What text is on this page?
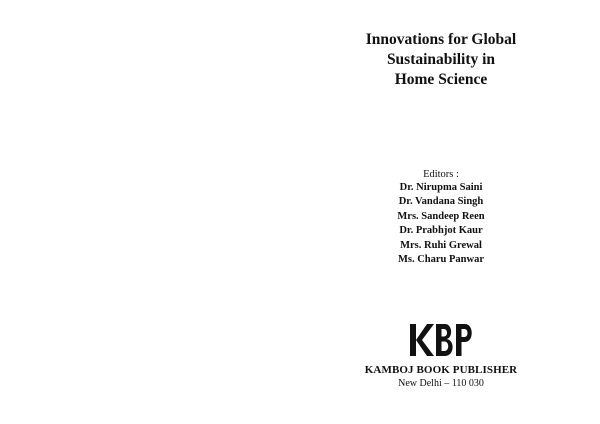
Innovations for Global
Sustainability in
Home Science
Editors :
Dr. Nirupma Saini
Dr. Vandana Singh
Mrs. Sandeep Reen
Dr. Prabhjot Kaur
Mrs. Ruhi Grewal
Ms. Charu Panwar
KAMBOJ BOOK PUBLISHER
New Delhi – 110 030
